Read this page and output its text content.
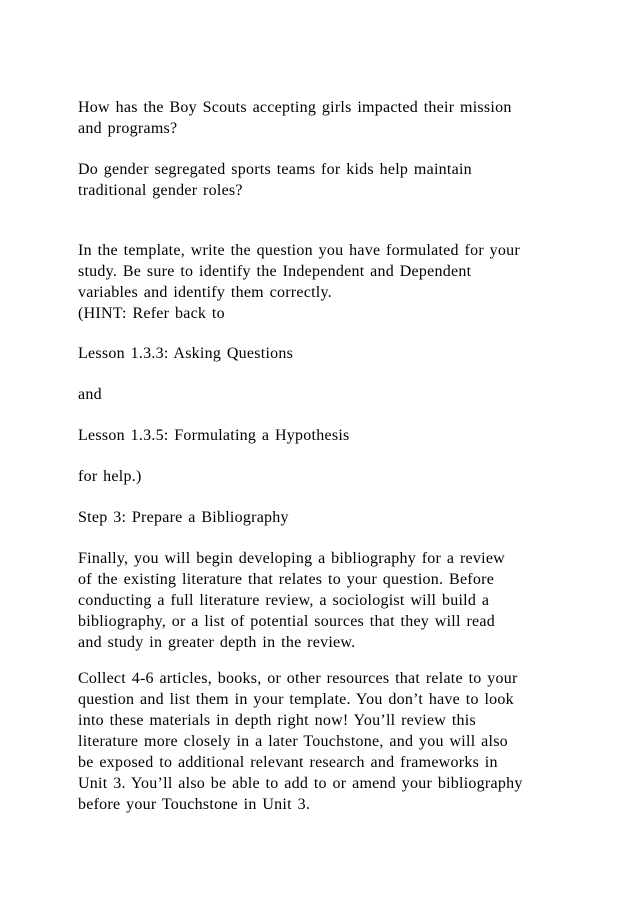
How has the Boy Scouts accepting girls impacted their mission
and programs?

Do gender segregated sports teams for kids help maintain
traditional gender roles?

In the template, write the question you have formulated for your
study. Be sure to identify the Independent and Dependent
variables and identify them correctly.
(HINT: Refer back to

Lesson 1.3.3: Asking Questions

and

Lesson 1.3.5: Formulating a Hypothesis

for help.)

Step 3: Prepare a Bibliography

Finally, you will begin developing a bibliography for a review
of the existing literature that relates to your question. Before
conducting a full literature review, a sociologist will build a
bibliography, or a list of potential sources that they will read
and study in greater depth in the review.

Collect 4-6 articles, books, or other resources that relate to your
question and list them in your template. You don’t have to look
into these materials in depth right now! You’ll review this
literature more closely in a later Touchstone, and you will also
be exposed to additional relevant research and frameworks in
Unit 3. You’ll also be able to add to or amend your bibliography
before your Touchstone in Unit 3.
